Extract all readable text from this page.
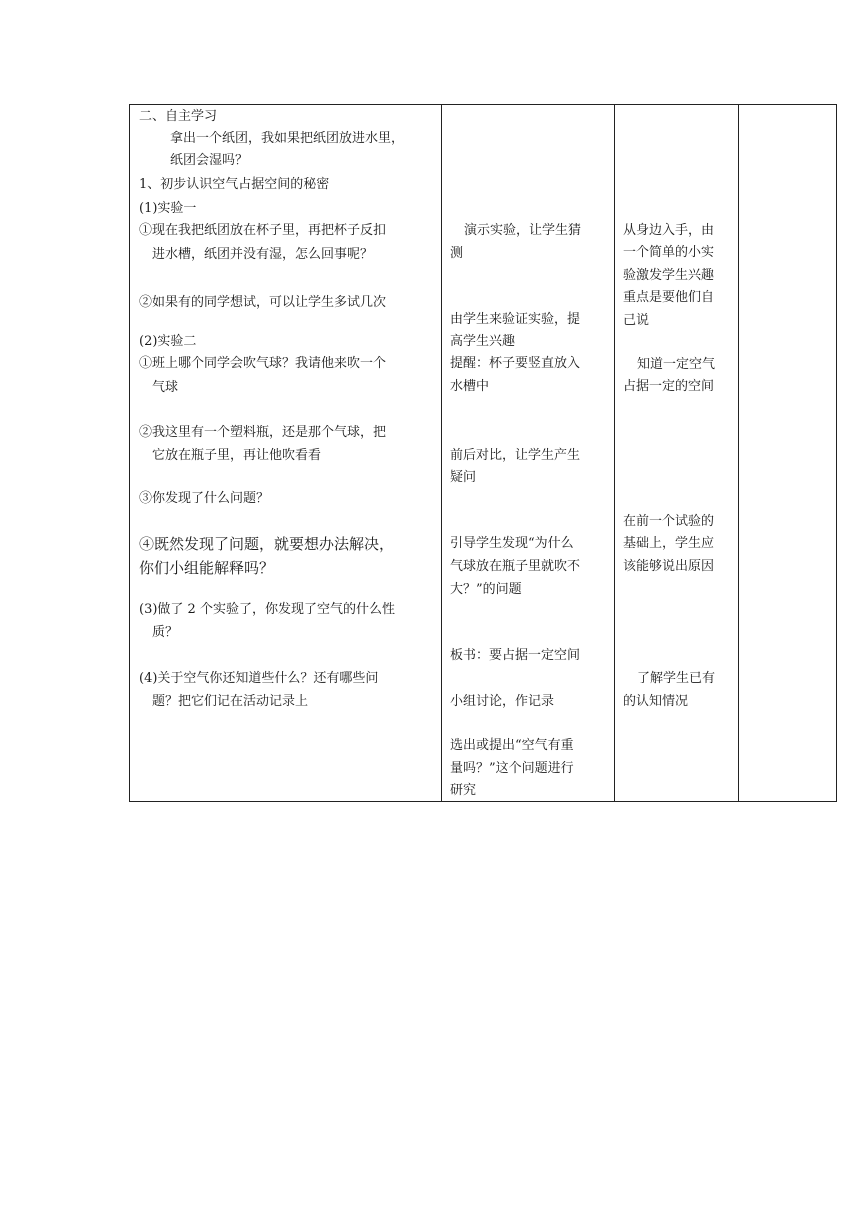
二、自主学习
拿出一个纸团，我如果把纸团放进水里，
纸团会湿吗？
1、初步认识空气占据空间的秘密
(1)实验一
①现在我把纸团放在杯子里，再把杯子反扣
进水槽，纸团并没有湿，怎么回事呢？
②如果有的同学想试，可以让学生多试几次
(2)实验二
①班上哪个同学会吹气球？我请他来吹一个
气球
②我这里有一个塑料瓶，还是那个气球，把
它放在瓶子里，再让他吹看看
③你发现了什么问题？
④既然发现了问题，就要想办法解决，
你们小组能解释吗？
(3)做了 2 个实验了，你发现了空气的什么性
质？
(4)关于空气你还知道些什么？还有哪些问
题？把它们记在活动记录上
演示实验，让学生猜
测
由学生来验证实验，提
高学生兴趣
提醒：杯子要竖直放入
水槽中
前后对比，让学生产生
疑问
引导学生发现“为什么
气球放在瓶子里就吹不
大？”的问题
板书：要占据一定空间
小组讨论，作记录
选出或提出“空气有重
量吗？”这个问题进行
研究
从身边入手，由
一个简单的小实
验激发学生兴趣
重点是要他们自
己说
知道一定空气
占据一定的空间
在前一个试验的
基础上，学生应
该能够说出原因
了解学生已有
的认知情况
